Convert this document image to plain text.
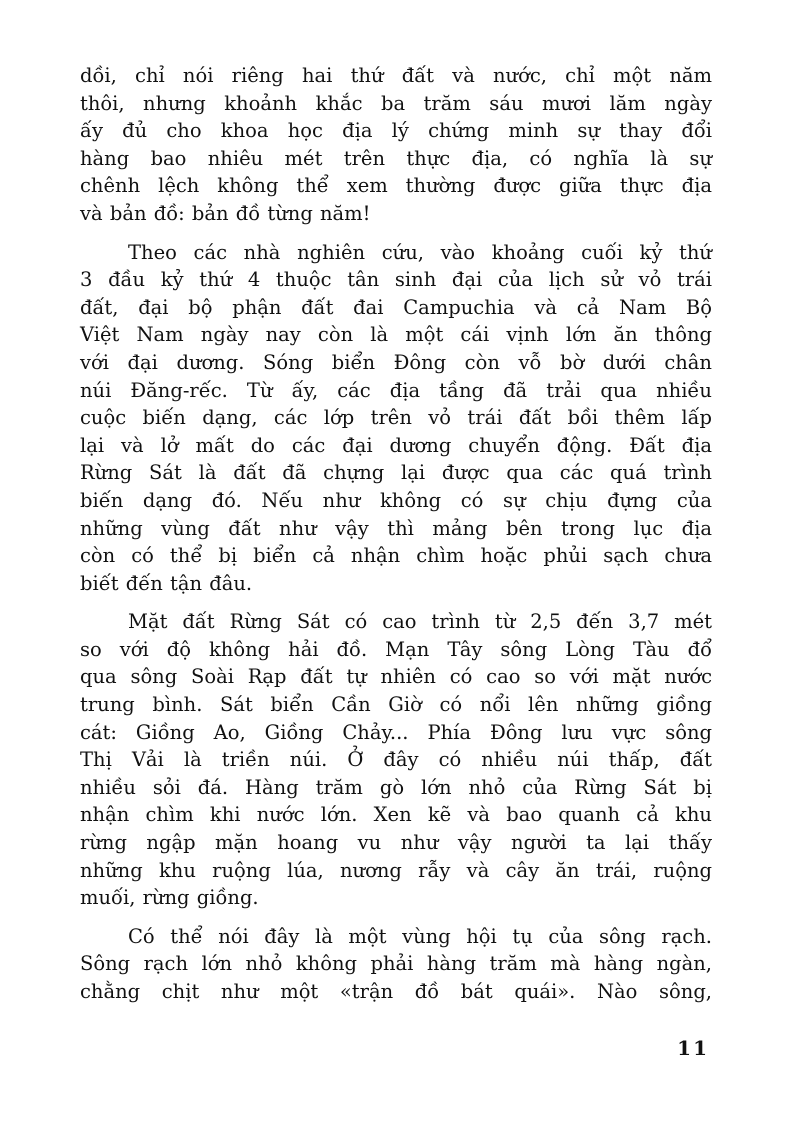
dồi, chỉ nói riêng hai thứ đất và nước, chỉ một năm
thôi, nhưng khoảnh khắc ba trăm sáu mươi lăm ngày
ấy đủ cho khoa học địa lý chứng minh sự thay đổi
hàng bao nhiêu mét trên thực địa, có nghĩa là sự
chênh lệch không thể xem thường được giữa thực địa
và bản đồ: bản đồ từng năm!

Theo các nhà nghiên cứu, vào khoảng cuối kỷ thứ
3 đầu kỷ thứ 4 thuộc tân sinh đại của lịch sử vỏ trái
đất, đại bộ phận đất đai Campuchia và cả Nam Bộ
Việt Nam ngày nay còn là một cái vịnh lớn ăn thông
với đại dương. Sóng biển Đông còn vỗ bờ dưới chân
núi Đăng-rếc. Từ ấy, các địa tầng đã trải qua nhiều
cuộc biến dạng, các lớp trên vỏ trái đất bồi thêm lấp
lại và lở mất do các đại dương chuyển động. Đất địa
Rừng Sát là đất đã chựng lại được qua các quá trình
biến dạng đó. Nếu như không có sự chịu đựng của
những vùng đất như vậy thì mảng bên trong lục địa
còn có thể bị biển cả nhận chìm hoặc phủi sạch chưa
biết đến tận đâu.

Mặt đất Rừng Sát có cao trình từ 2,5 đến 3,7 mét
so với độ không hải đồ. Mạn Tây sông Lòng Tàu đổ
qua sông Soài Rạp đất tự nhiên có cao so với mặt nước
trung bình. Sát biển Cần Giờ có nổi lên những giồng
cát: Giồng Ao, Giồng Chảy... Phía Đông lưu vực sông
Thị Vải là triền núi. Ở đây có nhiều núi thấp, đất
nhiều sỏi đá. Hàng trăm gò lớn nhỏ của Rừng Sát bị
nhận chìm khi nước lớn. Xen kẽ và bao quanh cả khu
rừng ngập mặn hoang vu như vậy người ta lại thấy
những khu ruộng lúa, nương rẫy và cây ăn trái, ruộng
muối, rừng giồng.

Có thể nói đây là một vùng hội tụ của sông rạch.
Sông rạch lớn nhỏ không phải hàng trăm mà hàng ngàn,
chằng chịt như một «trận đồ bát quái». Nào sông,

11
